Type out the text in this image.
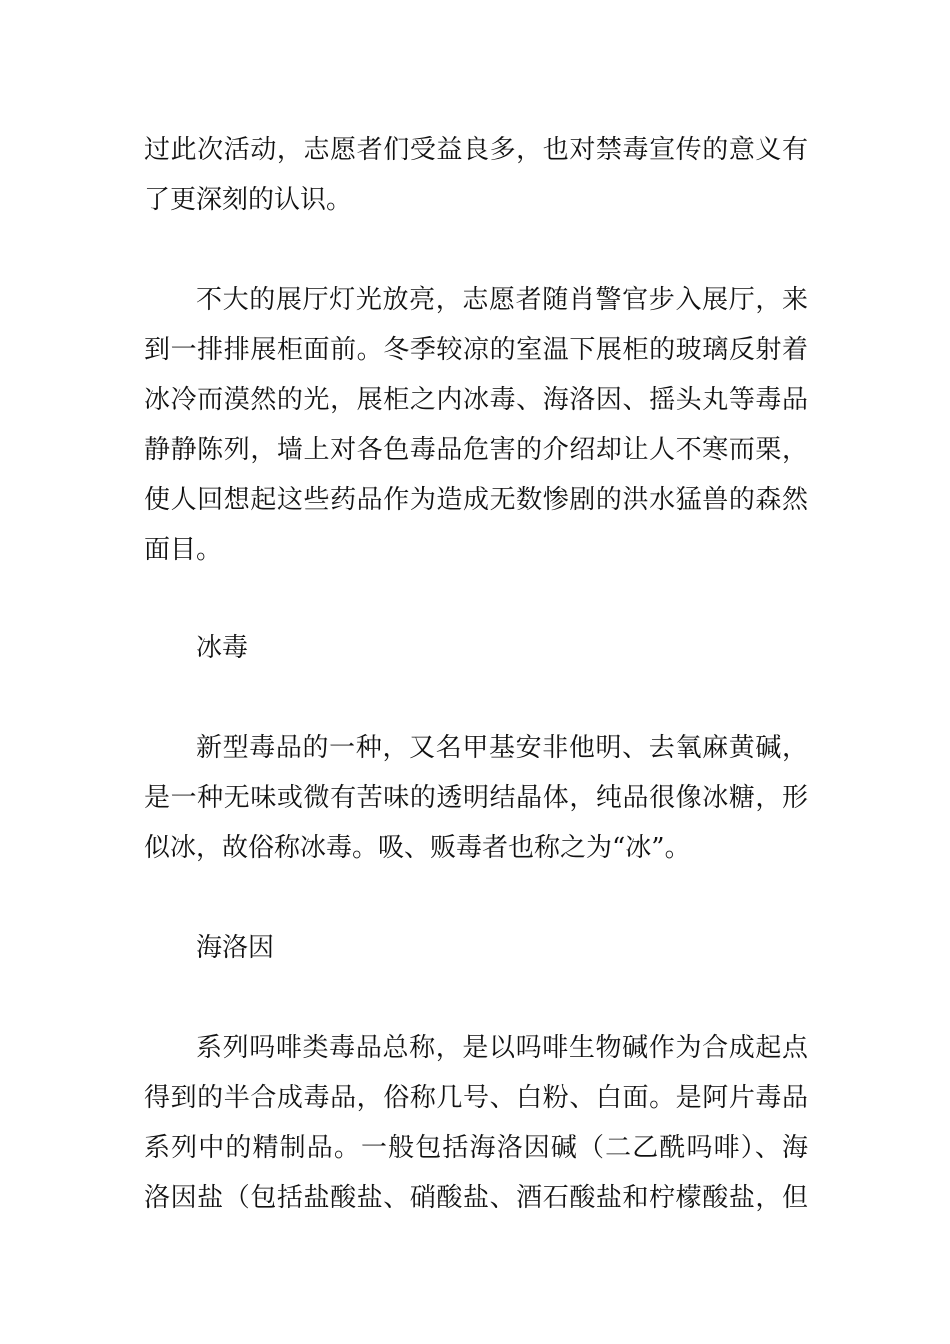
过此次活动，志愿者们受益良多，也对禁毒宣传的意义有
了更深刻的认识。
不大的展厅灯光放亮，志愿者随肖警官步入展厅，来
到一排排展柜面前。冬季较凉的室温下展柜的玻璃反射着
冰冷而漠然的光，展柜之内冰毒、海洛因、摇头丸等毒品
静静陈列，墙上对各色毒品危害的介绍却让人不寒而栗，
使人回想起这些药品作为造成无数惨剧的洪水猛兽的森然
面目。
冰毒
新型毒品的一种，又名甲基安非他明、去氧麻黄碱，
是一种无味或微有苦味的透明结晶体，纯品很像冰糖，形
似冰，故俗称冰毒。吸、贩毒者也称之为“冰”。
海洛因
系列吗啡类毒品总称，是以吗啡生物碱作为合成起点
得到的半合成毒品，俗称几号、白粉、白面。是阿片毒品
系列中的精制品。一般包括海洛因碱（二乙酰吗啡）、海
洛因盐（包括盐酸盐、硝酸盐、酒石酸盐和柠檬酸盐，但
